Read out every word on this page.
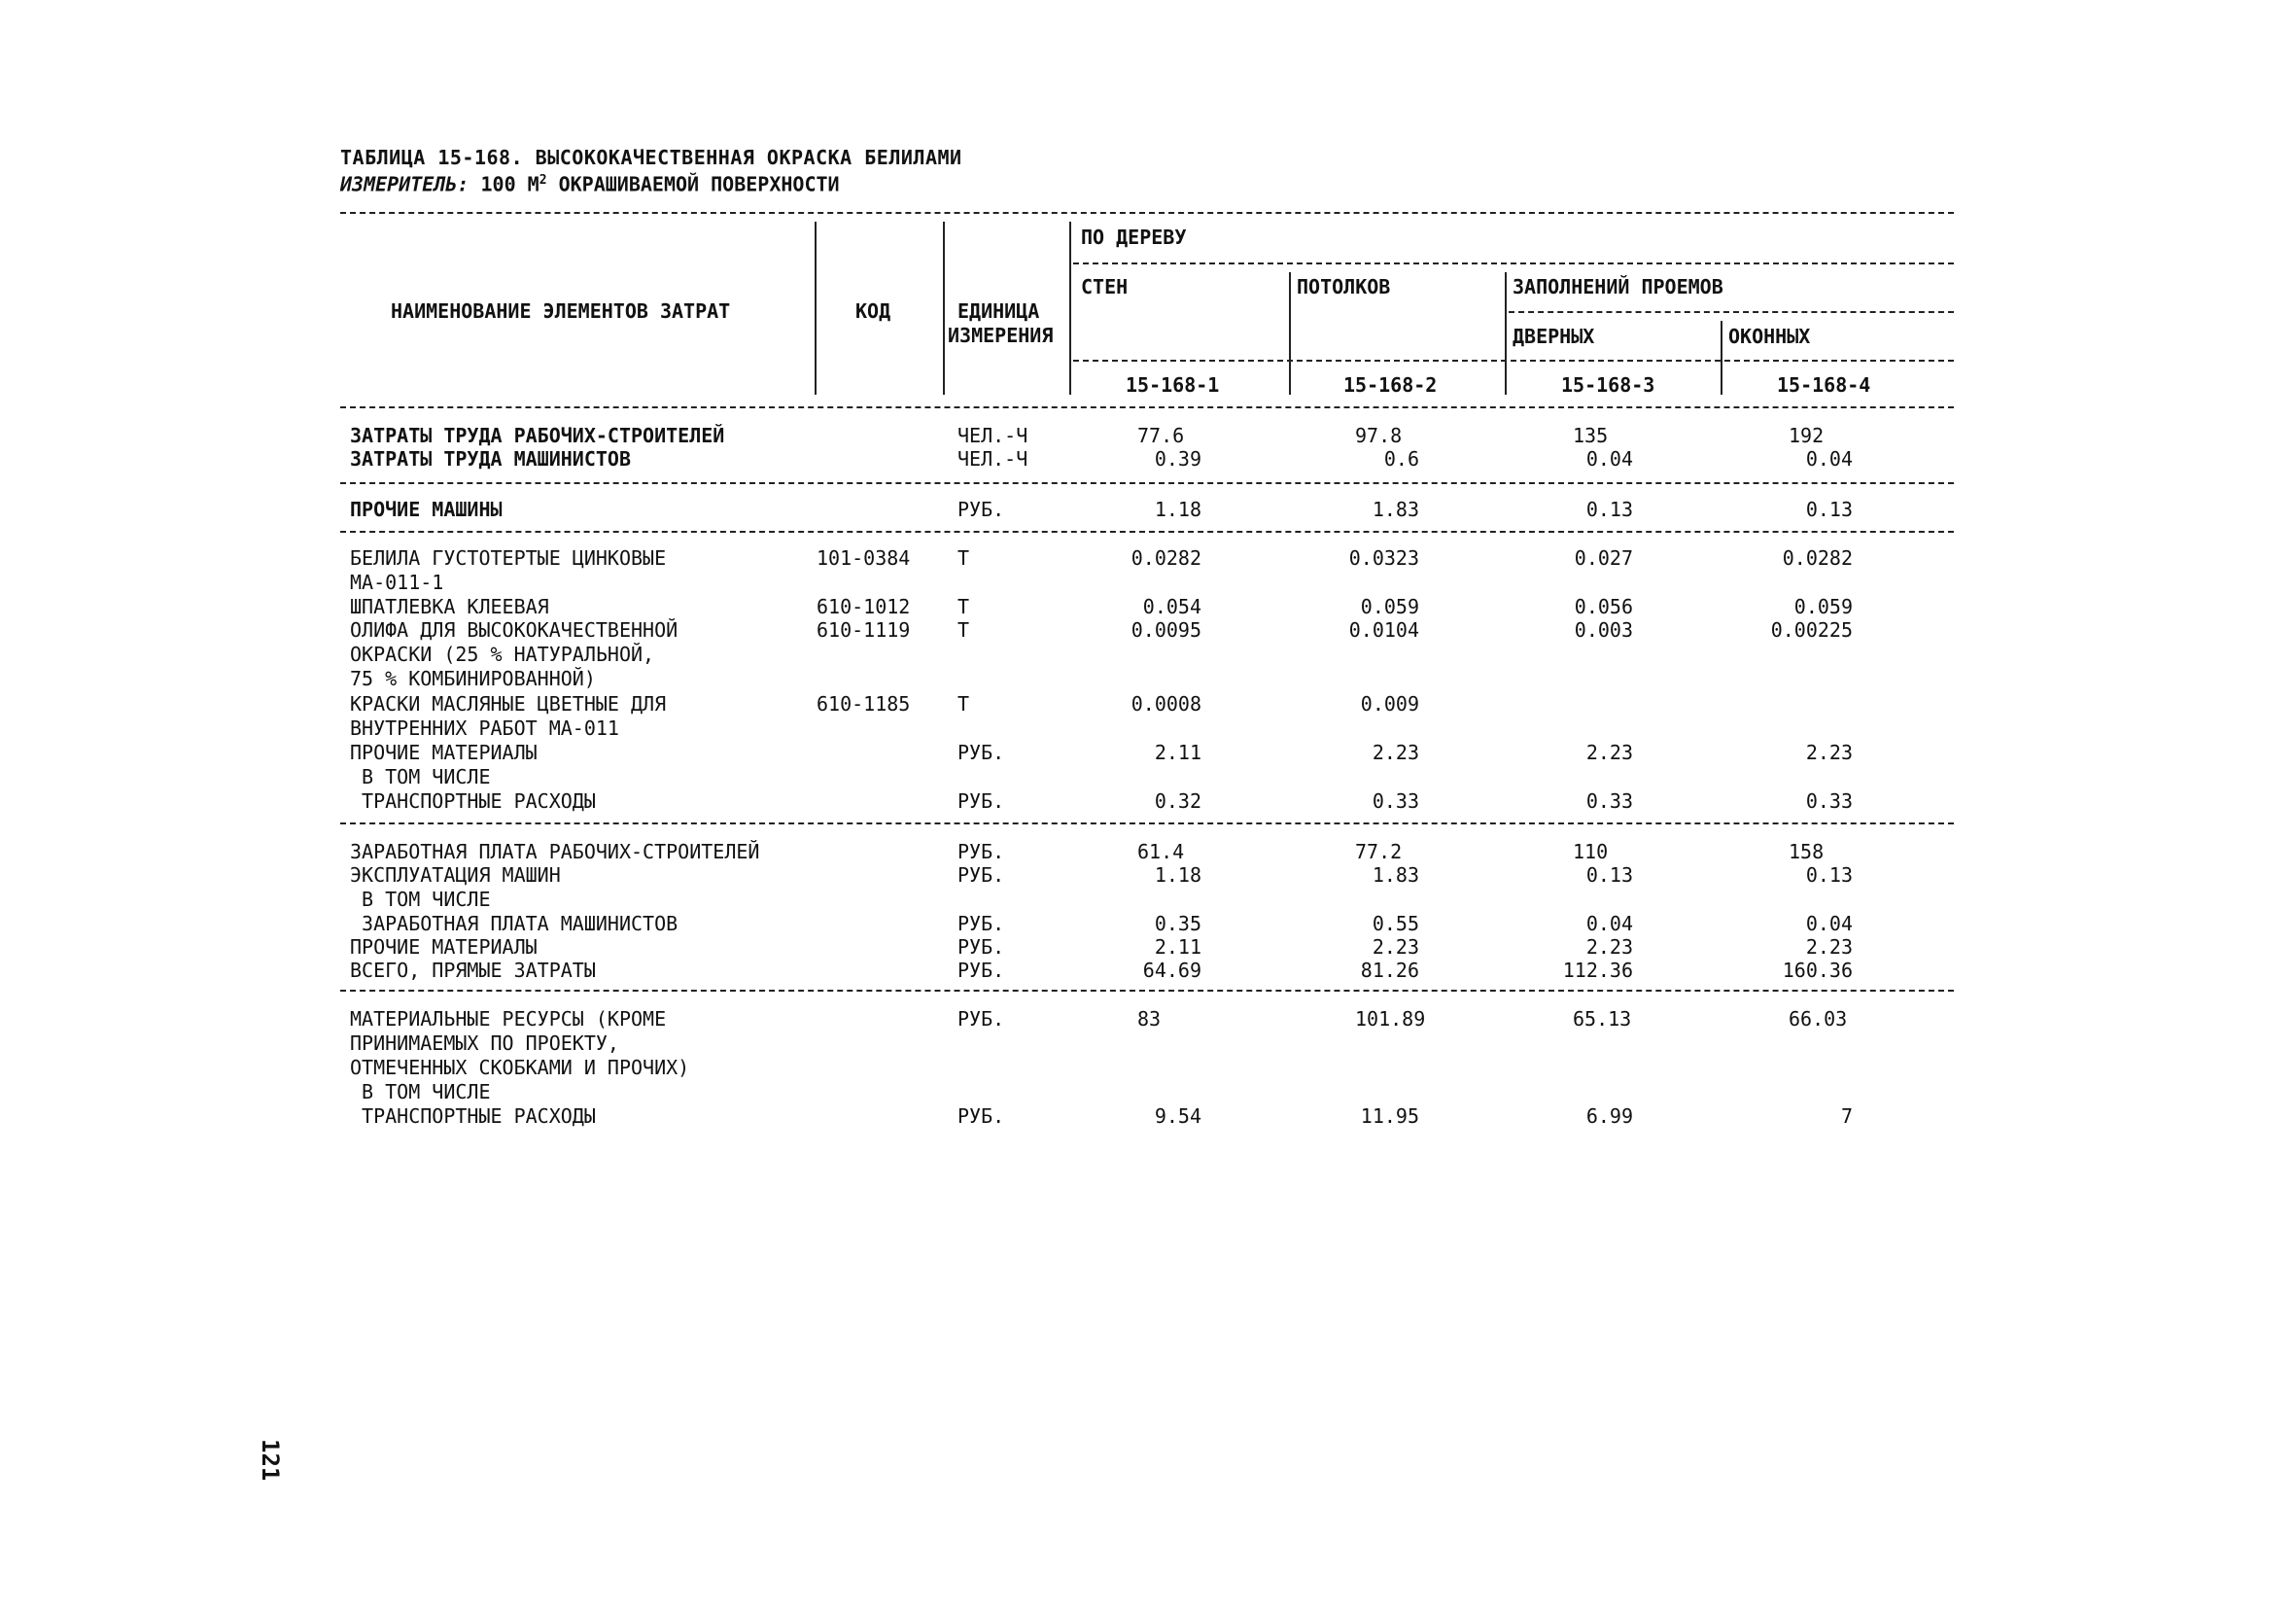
ТАБЛИЦА 15-168. ВЫСОКОКАЧЕСТВЕННАЯ ОКРАСКА БЕЛИЛАМИ
ИЗМЕРИТЕЛЬ: 100 $М^2$ ОКРАШИВАЕМОЙ ПОВЕРХНОСТИ
НАИМЕНОВАНИЕ ЭЛЕМЕНТОВ ЗАТРАТ	КОД	ЕДИНИЦА
ИЗМЕРЕНИЯ
ПО ДЕРЕВУ
СТЕН	ПОТОЛКОВ	ЗАПОЛНЕНИЙ ПРОЕМОВ
ДВЕРНЫХ	ОКОННЫХ
15-168-1	15-168-2	15-168-3	15-168-4
ЗАТРАТЫ ТРУДА РАБОЧИХ-СТРОИТЕЛЕЙ	ЧЕЛ.-Ч	77.6	97.8	135	192
ЗАТРАТЫ ТРУДА МАШИНИСТОВ	ЧЕЛ.-Ч	0.39	0.6	0.04	0.04
ПРОЧИЕ МАШИНЫ	РУБ.	1.18	1.83	0.13	0.13
БЕЛИЛА ГУСТОТЕРТЫЕ ЦИНКОВЫЕ	101-0384 Т	0.0282	0.0323	0.027	0.0282
МА-011-1
ШПАТЛЕВКА КЛЕЕВАЯ	610-1012 Т	0.054	0.059	0.056	0.059
ОЛИФА ДЛЯ ВЫСОКОКАЧЕСТВЕННОЙ	610-1119 Т	0.0095	0.0104	0.003	0.00225
ОКРАСКИ (25 % НАТУРАЛЬНОЙ,
75 % КОМБИНИРОВАННОЙ)
КРАСКИ МАСЛЯНЫЕ ЦВЕТНЫЕ ДЛЯ	610-1185 Т	0.0008	0.009
ВНУТРЕННИХ РАБОТ МА-011
ПРОЧИЕ МАТЕРИАЛЫ	РУБ.	2.11	2.23	2.23	2.23
В ТОМ ЧИСЛЕ
ТРАНСПОРТНЫЕ РАСХОДЫ	РУБ.	0.32	0.33	0.33	0.33
ЗАРАБОТНАЯ ПЛАТА РАБОЧИХ-СТРОИТЕЛЕЙ	РУБ.	61.4	77.2	110	158
ЭКСПЛУАТАЦИЯ МАШИН	РУБ.	1.18	1.83	0.13	0.13
В ТОМ ЧИСЛЕ
ЗАРАБОТНАЯ ПЛАТА МАШИНИСТОВ	РУБ.	0.35	0.55	0.04	0.04
ПРОЧИЕ МАТЕРИАЛЫ	РУБ.	2.11	2.23	2.23	2.23
ВСЕГО, ПРЯМЫЕ ЗАТРАТЫ	РУБ.	64.69	81.26	112.36	160.36
МАТЕРИАЛЬНЫЕ РЕСУРСЫ (КРОМЕ	РУБ.	83	101.89	65.13	66.03
ПРИНИМАЕМЫХ ПО ПРОЕКТУ,
ОТМЕЧЕННЫХ СКОБКАМИ И ПРОЧИХ)
В ТОМ ЧИСЛЕ
ТРАНСПОРТНЫЕ РАСХОДЫ	РУБ.	9.54	11.95	6.99	7
121
